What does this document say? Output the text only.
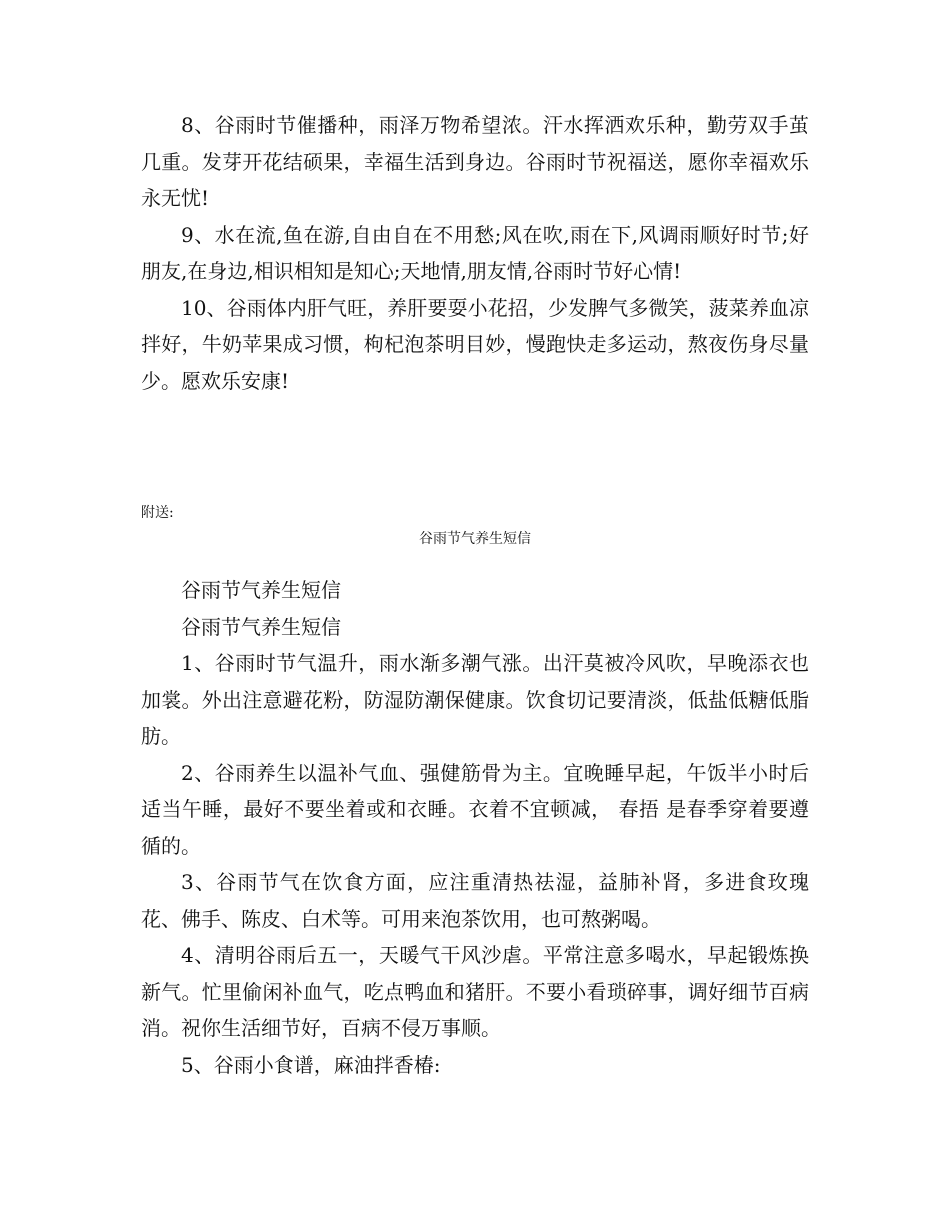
8、谷雨时节催播种，雨泽万物希望浓。汗水挥洒欢乐种，勤劳双手茧几重。发芽开花结硕果，幸福生活到身边。谷雨时节祝福送，愿你幸福欢乐永无忧!

9、水在流,鱼在游,自由自在不用愁;风在吹,雨在下,风调雨顺好时节;好朋友,在身边,相识相知是知心;天地情,朋友情,谷雨时节好心情!

10、谷雨体内肝气旺，养肝要耍小花招，少发脾气多微笑，菠菜养血凉拌好，牛奶苹果成习惯，枸杞泡茶明目妙，慢跑快走多运动，熬夜伤身尽量少。愿欢乐安康!

附送:
谷雨节气养生短信

谷雨节气养生短信

谷雨节气养生短信

1、谷雨时节气温升，雨水渐多潮气涨。出汗莫被冷风吹，早晚添衣也加裳。外出注意避花粉，防湿防潮保健康。饮食切记要清淡，低盐低糖低脂肪。

2、谷雨养生以温补气血、强健筋骨为主。宜晚睡早起，午饭半小时后适当午睡，最好不要坐着或和衣睡。衣着不宜顿减， 春捂 是春季穿着要遵循的。

3、谷雨节气在饮食方面，应注重清热祛湿，益肺补肾，多进食玫瑰花、佛手、陈皮、白术等。可用来泡茶饮用，也可熬粥喝。

4、清明谷雨后五一，天暖气干风沙虐。平常注意多喝水，早起锻炼换新气。忙里偷闲补血气，吃点鸭血和猪肝。不要小看琐碎事，调好细节百病消。祝你生活细节好，百病不侵万事顺。

5、谷雨小食谱，麻油拌香椿:
